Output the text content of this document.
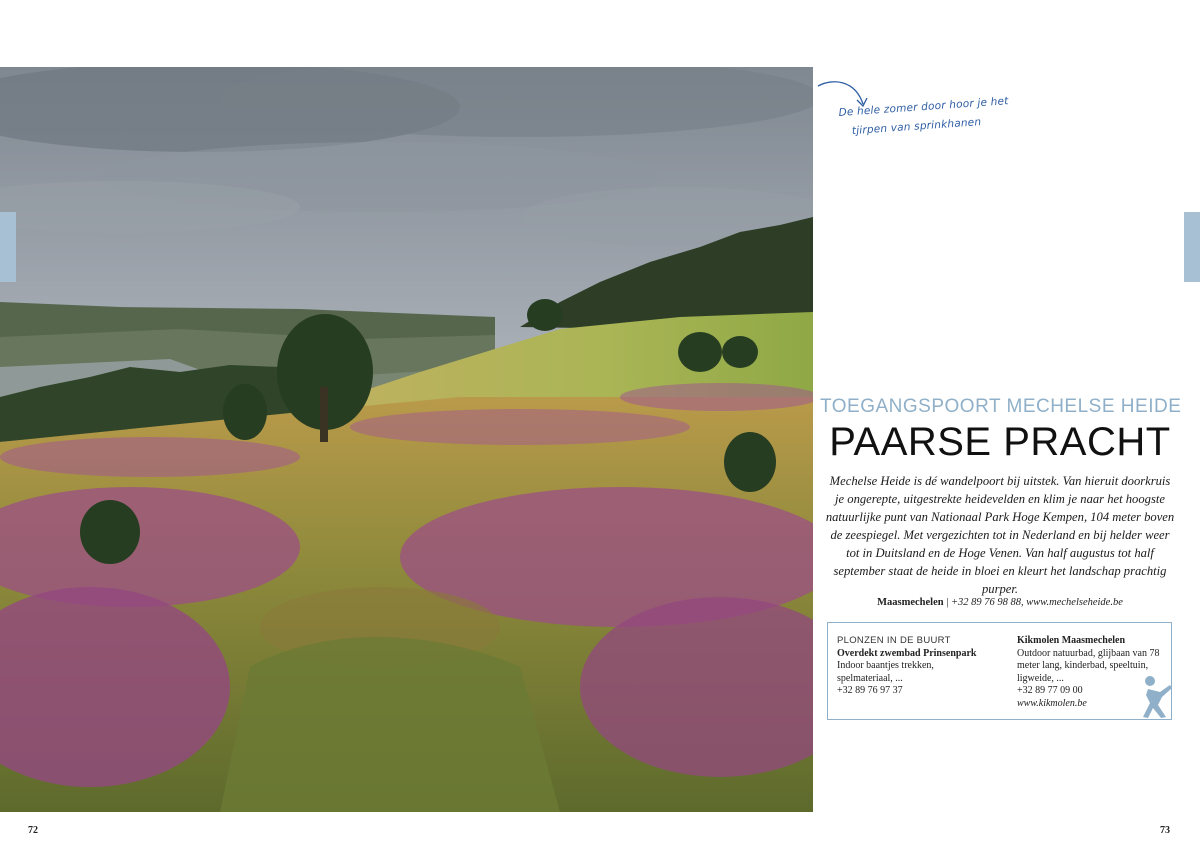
De hele zomer door hoor je het
tjirpen van sprinkhanen
TOEGANGSPOORT MECHELSE HEIDE
PAARSE PRACHT
Mechelse Heide is dé wandelpoort bij uitstek. Van hieruit doorkruis je ongerepte, uitgestrekte heidevelden en klim je naar het hoogste natuurlijke punt van Nationaal Park Hoge Kempen, 104 meter boven de zeespiegel. Met vergezichten tot in Nederland en bij helder weer tot in Duitsland en de Hoge Venen. Van half augustus tot half september staat de heide in bloei en kleurt het landschap prachtig purper.
Maasmechelen | +32 89 76 98 88, www.mechelseheide.be
PLONZEN IN DE BUURT
Overdekt zwembad Prinsenpark
Indoor baantjes trekken, spelmateriaal, ...
+32 89 76 97 37
Kikmolen Maasmechelen
Outdoor natuurbad, glijbaan van 78 meter lang, kinderbad, speeltuin, ligweide, ...
+32 89 77 09 00
www.kikmolen.be
72	73
